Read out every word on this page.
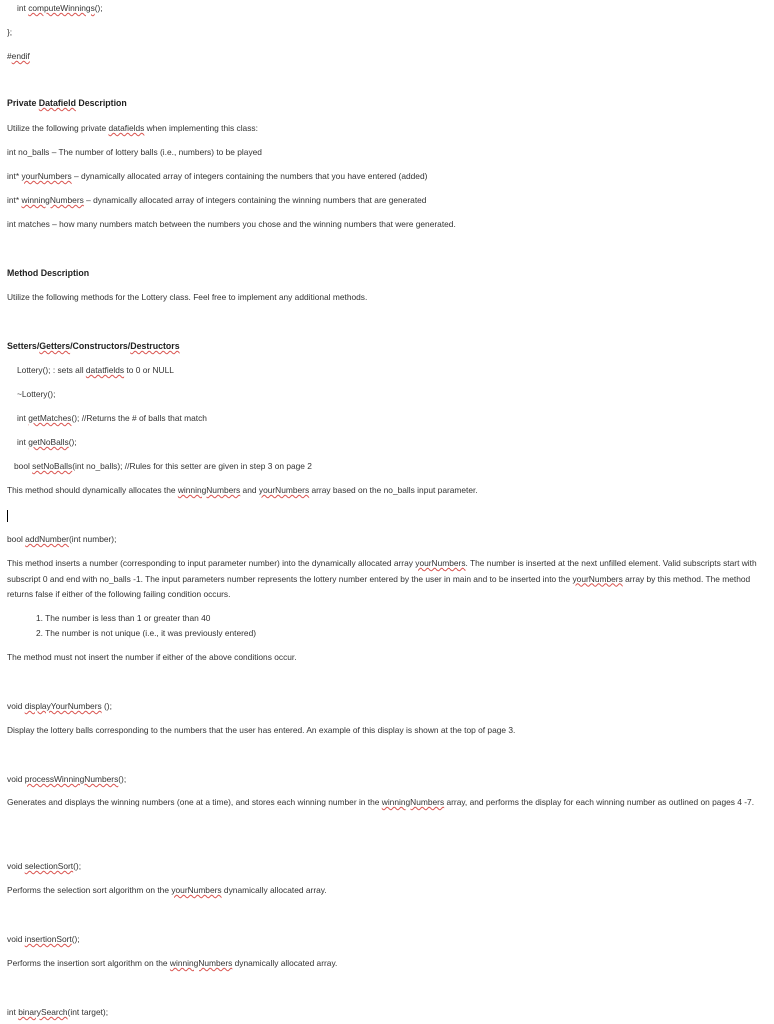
int computeWinnings();
};
#endif
Private Datafield Description
Utilize the following private datafields when implementing this class:
int no_balls – The number of lottery balls (i.e., numbers) to be played
int* yourNumbers – dynamically allocated array of integers containing the numbers that you have entered (added)
int* winningNumbers – dynamically allocated array of integers containing the winning numbers that are generated
int matches – how many numbers match between the numbers you chose and the winning numbers that were generated.
Method Description
Utilize the following methods for the Lottery class. Feel free to implement any additional methods.
Setters/Getters/Constructors/Destructors
Lottery(); : sets all datatfields to 0 or NULL
~Lottery();
int getMatches(); //Returns the # of balls that match
int getNoBalls();
bool setNoBalls(int no_balls); //Rules for this setter are given in step 3 on page 2
This method should dynamically allocates the winningNumbers and yourNumbers array based on the no_balls input parameter.
bool addNumber(int number);
This method inserts a number (corresponding to input parameter number) into the dynamically allocated array yourNumbers. The number is inserted at the next unfilled element. Valid subscripts start with subscript 0 and end with no_balls -1. The input parameters number represents the lottery number entered by the user in main and to be inserted into the yourNumbers array by this method. The method returns false if either of the following failing condition occurs.
1. The number is less than 1 or greater than 40
2. The number is not unique (i.e., it was previously entered)
The method must not insert the number if either of the above conditions occur.
void displayYourNumbers ();
Display the lottery balls corresponding to the numbers that the user has entered. An example of this display is shown at the top of page 3.
void processWinningNumbers();
Generates and displays the winning numbers (one at a time), and stores each winning number in the winningNumbers array, and performs the display for each winning number as outlined on pages 4 -7.
void selectionSort();
Performs the selection sort algorithm on the yourNumbers dynamically allocated array.
void insertionSort();
Performs the insertion sort algorithm on the winningNumbers dynamically allocated array.
int binarySearch(int target);
